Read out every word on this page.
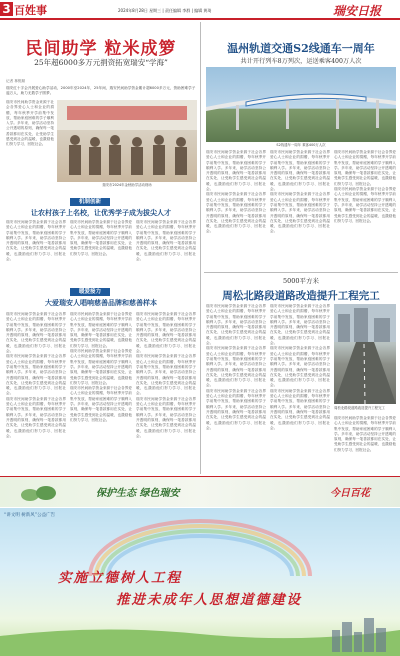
3 百姓事	2024年8月28日 星期三 | 责任编辑 李群 | 编辑 黄琦	瑞安日报
民间助学 粒米成箩
25年超6000多万元捐资拓宽瑞安“学海”
记者 林锐顺
瑞安红十字会开展爱心助学活动，2000年至2024年，25年间，瑞安民间助学资金累计超6000多万元，资助困难学子逾万人，助力无数学子圆梦。
瑞安市民间助学资金来源于社会各界爱心人士和企业的捐赠，每年秋季开学前集中发放，帮助家庭困难的学子顺利入学。多年来，助学活动坚持公开透明的原则，确保每一笔善款都用在实处，让受助学生感受到社会的温暖，也激励他们努力学习、回报社会。
瑞安市2024年金秋助学活动现场
机制创新
让农村孩子上名校，让优秀学子成为拔尖人才
瑞安市民间助学资金来源于社会各界爱心人士和企业的捐赠，每年秋季开学前集中发放，帮助家庭困难的学子顺利入学。多年来，助学活动坚持公开透明的原则，确保每一笔善款都用在实处，让受助学生感受到社会的温暖，也激励他们努力学习、回报社会。
瑞安市民间助学资金来源于社会各界爱心人士和企业的捐赠，每年秋季开学前集中发放，帮助家庭困难的学子顺利入学。多年来，助学活动坚持公开透明的原则，确保每一笔善款都用在实处，让受助学生感受到社会的温暖，也激励他们努力学习、回报社会。
瑞安市民间助学资金来源于社会各界爱心人士和企业的捐赠，每年秋季开学前集中发放，帮助家庭困难的学子顺利入学。多年来，助学活动坚持公开透明的原则，确保每一笔善款都用在实处，让受助学生感受到社会的温暖，也激励他们努力学习、回报社会。
暖爱接力
大爱瑞安人唱响慈善品牌和慈善样本
瑞安市民间助学资金来源于社会各界爱心人士和企业的捐赠，每年秋季开学前集中发放，帮助家庭困难的学子顺利入学。多年来，助学活动坚持公开透明的原则，确保每一笔善款都用在实处，让受助学生感受到社会的温暖，也激励他们努力学习、回报社会。
瑞安市民间助学资金来源于社会各界爱心人士和企业的捐赠，每年秋季开学前集中发放，帮助家庭困难的学子顺利入学。多年来，助学活动坚持公开透明的原则，确保每一笔善款都用在实处，让受助学生感受到社会的温暖，也激励他们努力学习、回报社会。
瑞安市民间助学资金来源于社会各界爱心人士和企业的捐赠，每年秋季开学前集中发放，帮助家庭困难的学子顺利入学。多年来，助学活动坚持公开透明的原则，确保每一笔善款都用在实处，让受助学生感受到社会的温暖，也激励他们努力学习、回报社会。
瑞安市民间助学资金来源于社会各界爱心人士和企业的捐赠，每年秋季开学前集中发放，帮助家庭困难的学子顺利入学。多年来，助学活动坚持公开透明的原则，确保每一笔善款都用在实处，让受助学生感受到社会的温暖，也激励他们努力学习、回报社会。
瑞安市民间助学资金来源于社会各界爱心人士和企业的捐赠，每年秋季开学前集中发放，帮助家庭困难的学子顺利入学。多年来，助学活动坚持公开透明的原则，确保每一笔善款都用在实处，让受助学生感受到社会的温暖，也激励他们努力学习、回报社会。
瑞安市民间助学资金来源于社会各界爱心人士和企业的捐赠，每年秋季开学前集中发放，帮助家庭困难的学子顺利入学。多年来，助学活动坚持公开透明的原则，确保每一笔善款都用在实处，让受助学生感受到社会的温暖，也激励他们努力学习、回报社会。
瑞安市民间助学资金来源于社会各界爱心人士和企业的捐赠，每年秋季开学前集中发放，帮助家庭困难的学子顺利入学。多年来，助学活动坚持公开透明的原则，确保每一笔善款都用在实处，让受助学生感受到社会的温暖，也激励他们努力学习、回报社会。
瑞安市民间助学资金来源于社会各界爱心人士和企业的捐赠，每年秋季开学前集中发放，帮助家庭困难的学子顺利入学。多年来，助学活动坚持公开透明的原则，确保每一笔善款都用在实处，让受助学生感受到社会的温暖，也激励他们努力学习、回报社会。
瑞安市民间助学资金来源于社会各界爱心人士和企业的捐赠，每年秋季开学前集中发放，帮助家庭困难的学子顺利入学。多年来，助学活动坚持公开透明的原则，确保每一笔善款都用在实处，让受助学生感受到社会的温暖，也激励他们努力学习、回报社会。
温州轨道交通S2线通车一周年
共计开行列车8万列次，运送乘客400万人次
S2线通车一周年 乘客400万人次
瑞安市民间助学资金来源于社会各界爱心人士和企业的捐赠，每年秋季开学前集中发放，帮助家庭困难的学子顺利入学。多年来，助学活动坚持公开透明的原则，确保每一笔善款都用在实处，让受助学生感受到社会的温暖，也激励他们努力学习、回报社会。
瑞安市民间助学资金来源于社会各界爱心人士和企业的捐赠，每年秋季开学前集中发放，帮助家庭困难的学子顺利入学。多年来，助学活动坚持公开透明的原则，确保每一笔善款都用在实处，让受助学生感受到社会的温暖，也激励他们努力学习、回报社会。
瑞安市民间助学资金来源于社会各界爱心人士和企业的捐赠，每年秋季开学前集中发放，帮助家庭困难的学子顺利入学。多年来，助学活动坚持公开透明的原则，确保每一笔善款都用在实处，让受助学生感受到社会的温暖，也激励他们努力学习、回报社会。
瑞安市民间助学资金来源于社会各界爱心人士和企业的捐赠，每年秋季开学前集中发放，帮助家庭困难的学子顺利入学。多年来，助学活动坚持公开透明的原则，确保每一笔善款都用在实处，让受助学生感受到社会的温暖，也激励他们努力学习、回报社会。
瑞安市民间助学资金来源于社会各界爱心人士和企业的捐赠，每年秋季开学前集中发放，帮助家庭困难的学子顺利入学。多年来，助学活动坚持公开透明的原则，确保每一笔善款都用在实处，让受助学生感受到社会的温暖，也激励他们努力学习、回报社会。
瑞安市民间助学资金来源于社会各界爱心人士和企业的捐赠，每年秋季开学前集中发放，帮助家庭困难的学子顺利入学。多年来，助学活动坚持公开透明的原则，确保每一笔善款都用在实处，让受助学生感受到社会的温暖，也激励他们努力学习、回报社会。
5000平方米
周松北路段道路改造提升工程完工
瑞安市民间助学资金来源于社会各界爱心人士和企业的捐赠，每年秋季开学前集中发放，帮助家庭困难的学子顺利入学。多年来，助学活动坚持公开透明的原则，确保每一笔善款都用在实处，让受助学生感受到社会的温暖，也激励他们努力学习、回报社会。
瑞安市民间助学资金来源于社会各界爱心人士和企业的捐赠，每年秋季开学前集中发放，帮助家庭困难的学子顺利入学。多年来，助学活动坚持公开透明的原则，确保每一笔善款都用在实处，让受助学生感受到社会的温暖，也激励他们努力学习、回报社会。
瑞安市民间助学资金来源于社会各界爱心人士和企业的捐赠，每年秋季开学前集中发放，帮助家庭困难的学子顺利入学。多年来，助学活动坚持公开透明的原则，确保每一笔善款都用在实处，让受助学生感受到社会的温暖，也激励他们努力学习、回报社会。
瑞安市民间助学资金来源于社会各界爱心人士和企业的捐赠，每年秋季开学前集中发放，帮助家庭困难的学子顺利入学。多年来，助学活动坚持公开透明的原则，确保每一笔善款都用在实处，让受助学生感受到社会的温暖，也激励他们努力学习、回报社会。
瑞安市民间助学资金来源于社会各界爱心人士和企业的捐赠，每年秋季开学前集中发放，帮助家庭困难的学子顺利入学。多年来，助学活动坚持公开透明的原则，确保每一笔善款都用在实处，让受助学生感受到社会的温暖，也激励他们努力学习、回报社会。
瑞安市民间助学资金来源于社会各界爱心人士和企业的捐赠，每年秋季开学前集中发放，帮助家庭困难的学子顺利入学。多年来，助学活动坚持公开透明的原则，确保每一笔善款都用在实处，让受助学生感受到社会的温暖，也激励他们努力学习、回报社会。
周松北路段道路改造提升工程完工
瑞安市民间助学资金来源于社会各界爱心人士和企业的捐赠，每年秋季开学前集中发放，帮助家庭困难的学子顺利入学。多年来，助学活动坚持公开透明的原则，确保每一笔善款都用在实处，让受助学生感受到社会的温暖，也激励他们努力学习、回报社会。
保护生态 绿色瑞安	今日百花
“讲文明 树新风”公益广告
实施立德树人工程
推进未成年人思想道德建设
